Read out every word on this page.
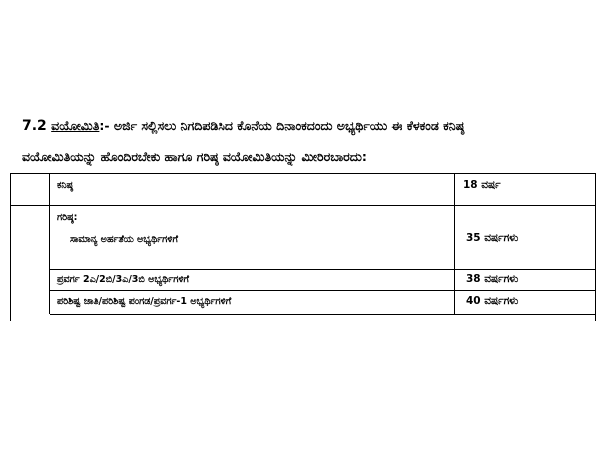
7.2 ವಯೋಮಿತಿ:- ಅರ್ಜಿ ಸಲ್ಲಿಸಲು ನಿಗದಿಪಡಿಸಿದ ಕೊನೆಯ ದಿನಾಂಕದಂದು ಅಭ್ಯರ್ಥಿಯು ಈ ಕೆಳಕಂಡ ಕನಿಷ್ಠ
ವಯೋಮಿತಿಯನ್ನು ಹೊಂದಿರಬೇಕು ಹಾಗೂ ಗರಿಷ್ಠ ವಯೋಮಿತಿಯನ್ನು ಮೀರಿರಬಾರದು:
ಕನಿಷ್ಠ	18 ವರ್ಷ
ಗರಿಷ್ಠ:
ಸಾಮಾನ್ಯ ಅರ್ಹತೆಯ ಅಭ್ಯರ್ಥಿಗಳಿಗೆ	35 ವರ್ಷಗಳು
ಪ್ರವರ್ಗ 2ಎ/2ಬಿ/3ಎ/3ಬಿ ಅಭ್ಯರ್ಥಿಗಳಿಗೆ	38 ವರ್ಷಗಳು
ಪರಿಶಿಷ್ಟ ಜಾತಿ/ಪರಿಶಿಷ್ಟ ಪಂಗಡ/ಪ್ರವರ್ಗ-1 ಅಭ್ಯರ್ಥಿಗಳಿಗೆ	40 ವರ್ಷಗಳು
